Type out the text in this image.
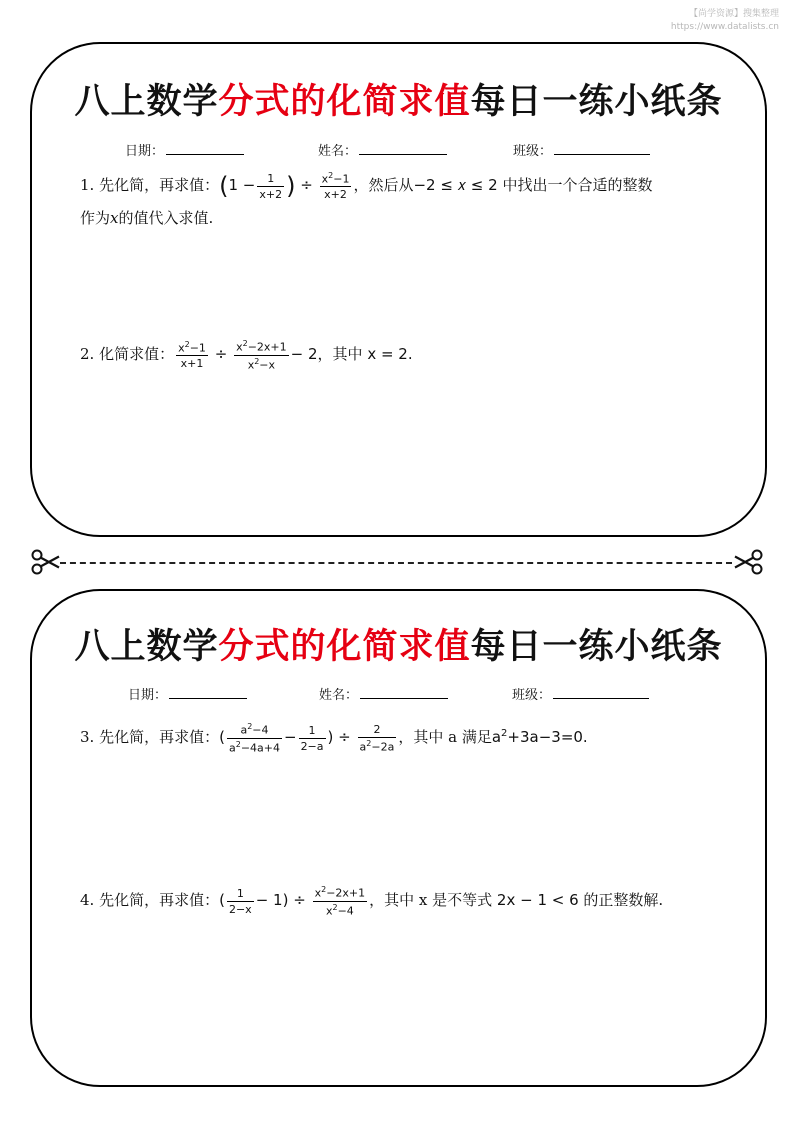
【尚学资源】搜集整理
https://www.datalists.cn
八上数学分式的化简求值每日一练小纸条
日期：	姓名：	班级：
1. 先化简，再求值：($1 - \frac{1}{x+2}$ ) ÷ $\frac{x^2-1}{x+2}$ ，然后从−2 ≤ 𝑥 ≤ 2 中找出一个合适的整数
作为𝑥的值代入求值.
2. 化简求值： $\frac{x^2-1}{x+1} \div \frac{x^2-2x+1}{x^2-x} - 2$，其中 x = 2.
八上数学分式的化简求值每日一练小纸条
日期：	姓名：	班级：
3. 先化简，再求值：( $\frac{a^2-4}{a^2-4a+4} - \frac{1}{2-a}$ ) ÷ $\frac{2}{a^2-2a}$ ，其中 a 满足$a^2+3a-3=0$.
4. 先化简，再求值：( $\frac{1}{2-x} - 1) \div \frac{x^2-2x+1}{x^2-4}$ ，其中 x 是不等式 2x − 1 < 6 的正整数解.
